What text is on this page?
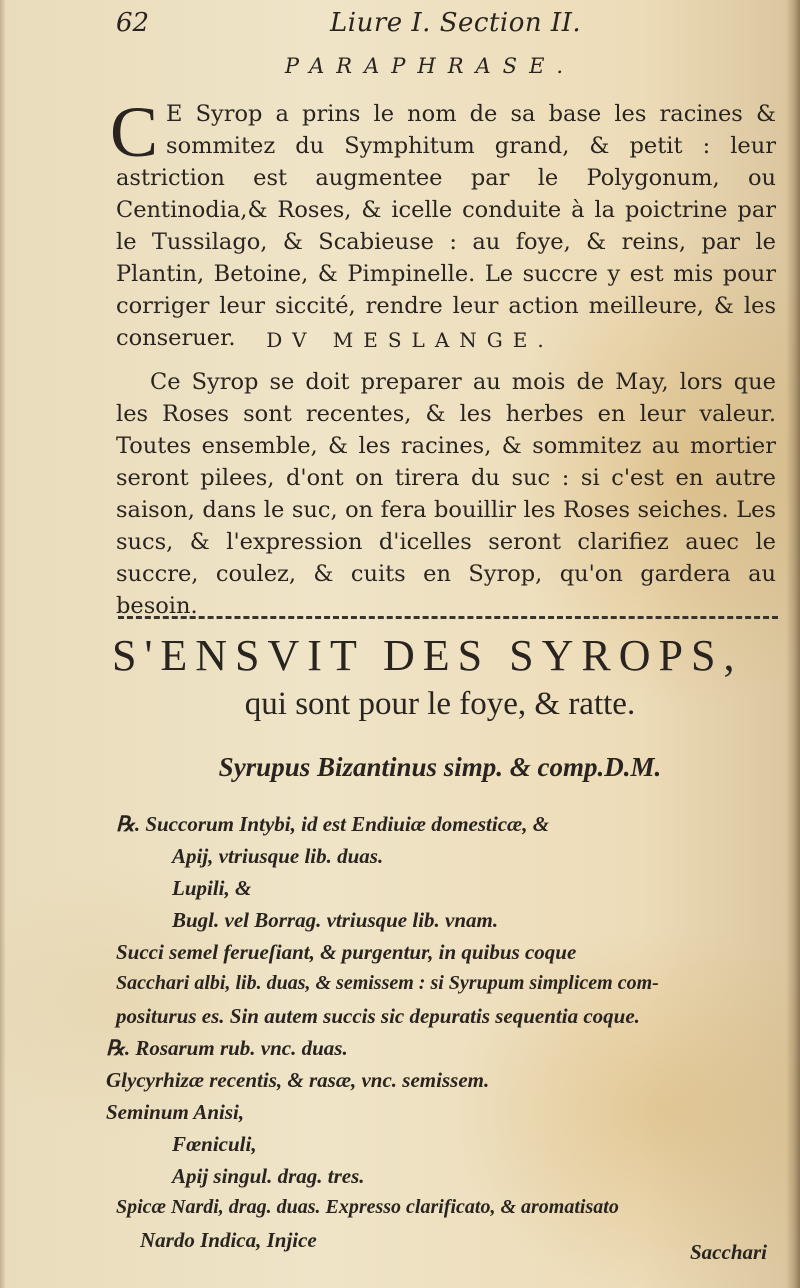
62	Liure I. Section II.
PARAPHRASE.
C E Syrop a prins le nom de sa base les racines & sommitez du Symphitum grand, & petit : leur astriction est augmentee par le Polygonum, ou Centinodia,& Roses, & icelle conduite à la poictrine par le Tussilago, & Scabieuse : au foye, & reins, par le Plantin, Betoine, & Pimpinelle. Le succre y est mis pour corriger leur siccité, rendre leur action meilleure, & les conseruer.	DV MESLANGE.
Ce Syrop se doit preparer au mois de May, lors que les Roses sont recentes, & les herbes en leur valeur. Toutes ensemble, & les racines, & sommitez au mortier seront pilees, d'ont on tirera du suc : si c'est en autre saison, dans le suc, on fera bouillir les Roses seiches. Les sucs, & l'expression d'icelles seront clarifiez auec le succre, coulez, & cuits en Syrop, qu'on gardera au besoin.
S'ENSVIT DES SYROPS,
qui sont pour le foye, & ratte.
Syrupus Bizantinus simp. & comp.D.M.
℞. Succorum Intybi, id est Endiuiæ domesticæ, &
Apij, vtriusque lib. duas.
Lupili, &
Bugl. vel Borrag. vtriusque lib. vnam.
Succi semel ferueſiant, & purgentur, in quibus coque
Sacchari albi, lib. duas, & semissem : si Syrupum simplicem com-
positurus es. Sin autem succis sic depuratis sequentia coque.
℞. Rosarum rub. vnc. duas.
Glycyrhizæ recentis, & rasæ, vnc. semissem.
Seminum Anisi,
Fœniculi,
Apij singul. drag. tres.
Spicæ Nardi, drag. duas. Expresso clarificato, & aromatisato
Nardo Indica, Injice	Sacchari
